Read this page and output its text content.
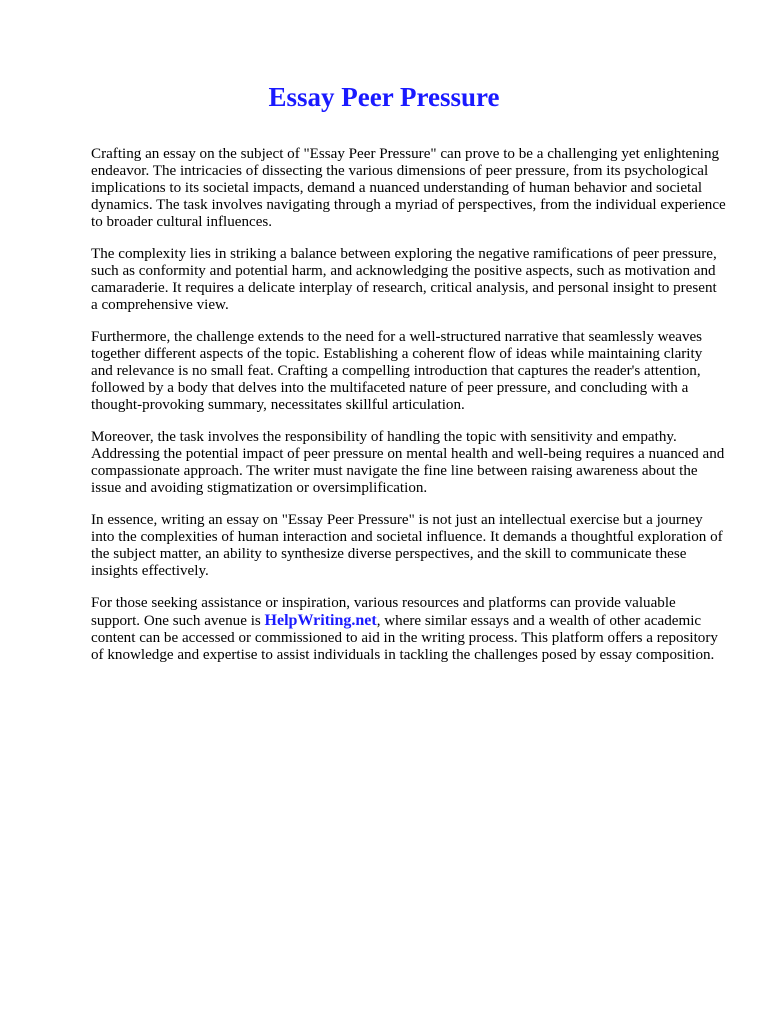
Essay Peer Pressure

Crafting an essay on the subject of "Essay Peer Pressure" can prove to be a challenging yet enlightening endeavor. The intricacies of dissecting the various dimensions of peer pressure, from its psychological implications to its societal impacts, demand a nuanced understanding of human behavior and societal dynamics. The task involves navigating through a myriad of perspectives, from the individual experience to broader cultural influences.

The complexity lies in striking a balance between exploring the negative ramifications of peer pressure, such as conformity and potential harm, and acknowledging the positive aspects, such as motivation and camaraderie. It requires a delicate interplay of research, critical analysis, and personal insight to present a comprehensive view.

Furthermore, the challenge extends to the need for a well-structured narrative that seamlessly weaves together different aspects of the topic. Establishing a coherent flow of ideas while maintaining clarity and relevance is no small feat. Crafting a compelling introduction that captures the reader's attention, followed by a body that delves into the multifaceted nature of peer pressure, and concluding with a thought-provoking summary, necessitates skillful articulation.

Moreover, the task involves the responsibility of handling the topic with sensitivity and empathy. Addressing the potential impact of peer pressure on mental health and well-being requires a nuanced and compassionate approach. The writer must navigate the fine line between raising awareness about the issue and avoiding stigmatization or oversimplification.

In essence, writing an essay on "Essay Peer Pressure" is not just an intellectual exercise but a journey into the complexities of human interaction and societal influence. It demands a thoughtful exploration of the subject matter, an ability to synthesize diverse perspectives, and the skill to communicate these insights effectively.

For those seeking assistance or inspiration, various resources and platforms can provide valuable support. One such avenue is HelpWriting.net, where similar essays and a wealth of other academic content can be accessed or commissioned to aid in the writing process. This platform offers a repository of knowledge and expertise to assist individuals in tackling the challenges posed by essay composition.
